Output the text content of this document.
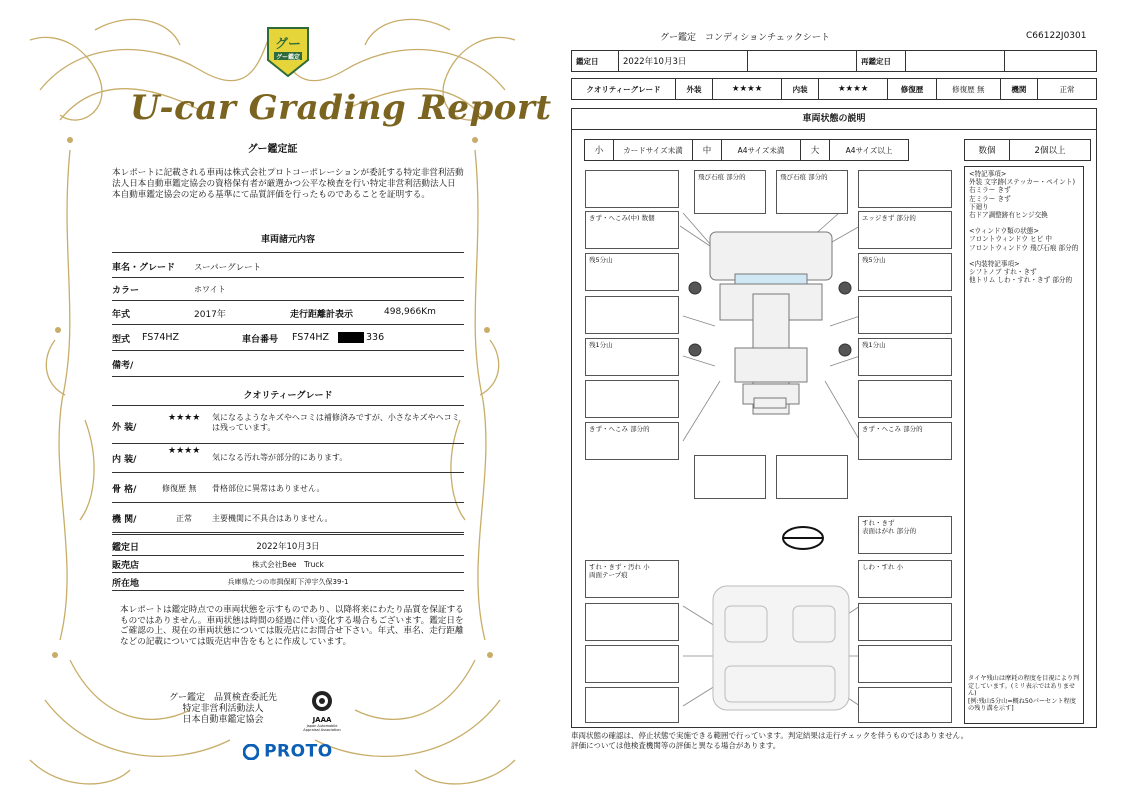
グー
グー鑑定
U-car Grading Report
グー鑑定証
本レポートに記載される車両は株式会社プロトコーポレーションが委託する特定非営利活動法人日本自動車鑑定協会の資格保有者が厳選かつ公平な検査を行い特定非営利活動法人日本自動車鑑定協会の定める基準にて品質評価を行ったものであることを証明する。
車両諸元内容
車名・グレード スーパーグレート
カラー	ホワイト
年式	2017年	走行距離計表示	498,966Km
型式 FS74HZ	車台番号 FS74HZ	336
備考/
クオリティーグレード
外 装/
★★★★ 気になるようなキズやヘコミは補修済みですが、小さなキズやヘコミは残っています。
内 装/
★★★★
気になる汚れ等が部分的にあります。
骨 格/	修復歴 無 骨格部位に異常はありません。
機 関/	正常	主要機関に不具合はありません。
鑑定日	2022年10月3日
販売店	株式会社Bee　Truck
所在地	兵庫県たつの市揖保町下沖宇久保39-1
本レポートは鑑定時点での車両状態を示すものであり、以降将来にわたり品質を保証するものではありません。車両状態は時間の経過に伴い変化する場合もございます。鑑定日をご確認の上、現在の車両状態については販売店にお問合せ下さい。年式、車名、走行距離などの記載については販売店申告をもとに作成しています。
グー鑑定　品質検査委託先
特定非営利活動法人
日本自動車鑑定協会	JAAA
Japan Automobile Appraisal Association
PROTO
グー鑑定　コンディションチェックシート	C66122J0301
鑑定日	2022年10月3日		再鑑定日		
クオリティーグレード	外装	★★★★	内装	★★★★	修復歴	修復歴 無	機関	正常
車両状態の説明
小	カードサイズ未満	中	A4サイズ未満	大	A4サイズ以上	数個	2個以上
<特記事項>
外装 文字跡(ステッカー・ペイント)
右ミラー きず
左ミラー きず
下廻り
右ドア調整跡有ヒンジ交換
<ウィンドウ類の状態>
フロントウィンドウ ヒビ 中
フロントウィンドウ 飛び石痕 部分的
<内装特記事項>
シフトノブ すれ・きず
他トリム しわ・すれ・きず 部分的
タイヤ残山は摩耗の程度を目視により判定しています。(ミリ表示ではありません)
[例:残山5分山=概ね50パーセント程度の残り溝を示す]
飛び石痕 部分的	飛び石痕 部分的
きず・へこみ(中) 数個	エッジきず 部分的
残5分山	残5分山
残1分山	残1分山
きず・へこみ 部分的	きず・へこみ 部分的
すれ・きず
表面はがれ 部分的
すれ・きず・汚れ 小
両面テープ痕
しわ・すれ 小
車両状態の確認は、停止状態で実施できる範囲で行っています。判定結果は走行チェックを伴うものではありません。
評価については他検査機関等の評価と異なる場合があります。
